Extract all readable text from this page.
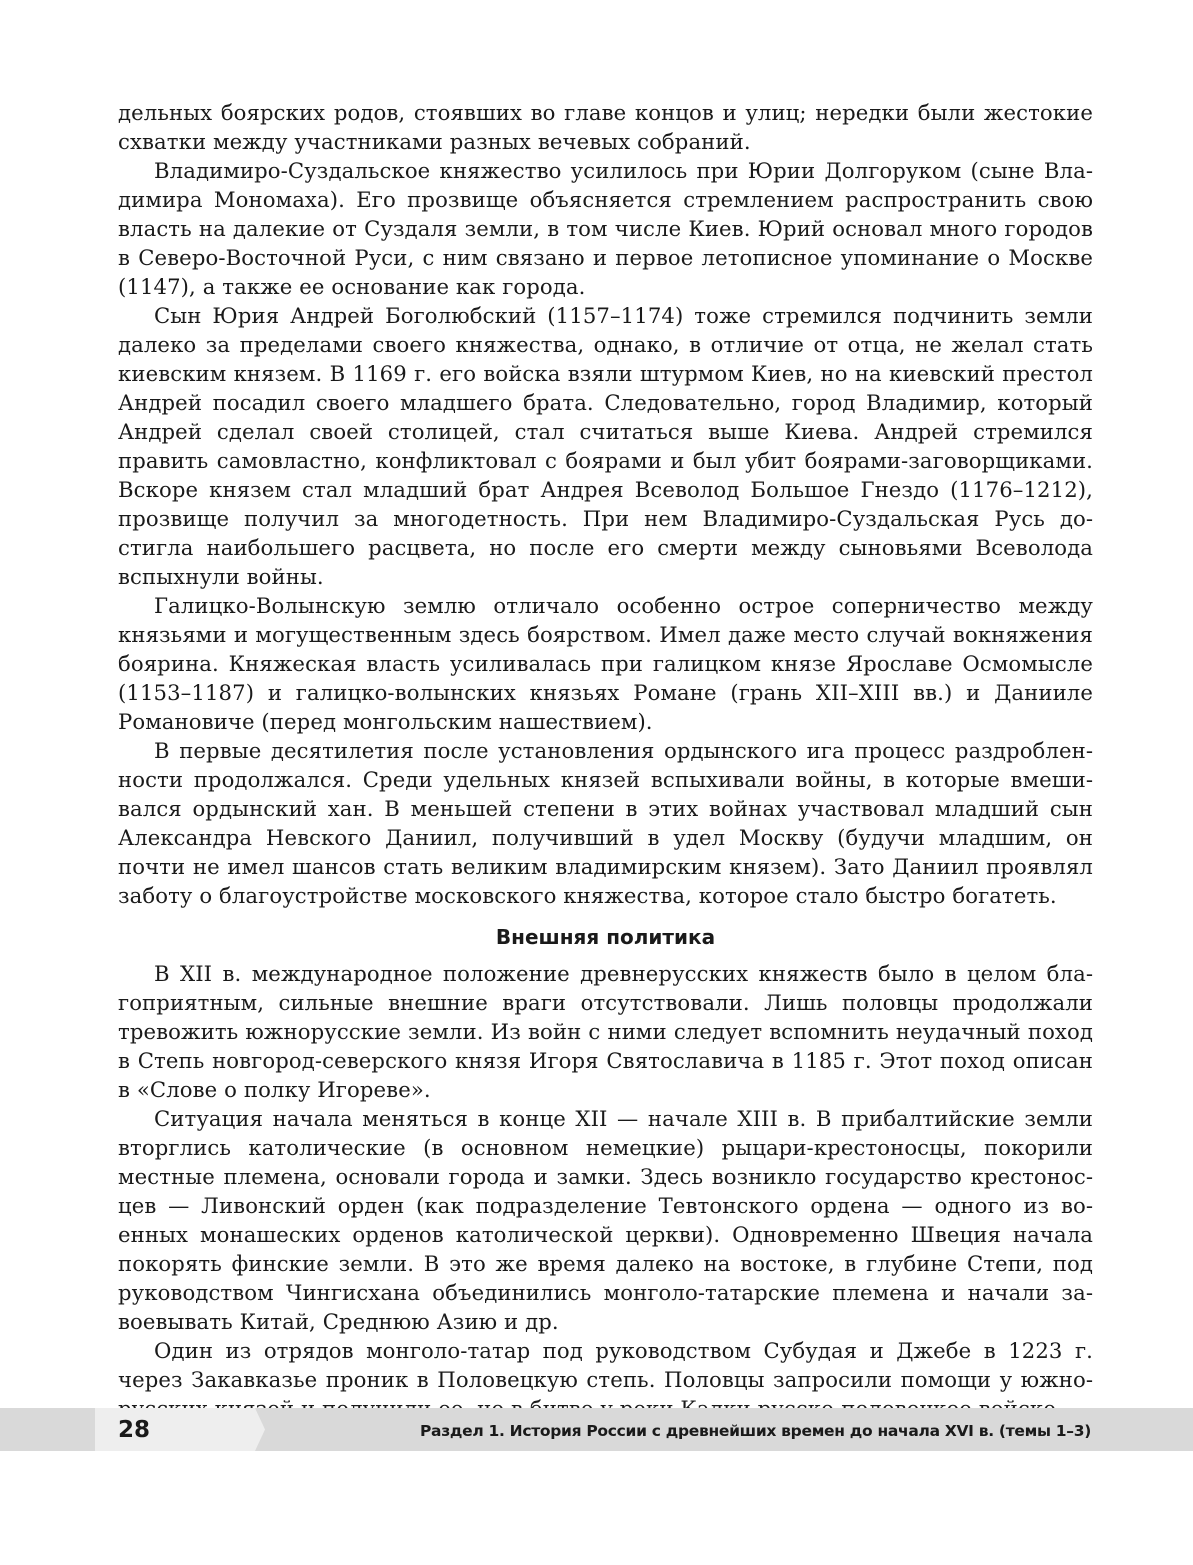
дельных боярских родов, стоявших во главе концов и улиц; нередки были жестокие схватки между участниками разных вечевых собраний.

Владимиро-Суздальское княжество усилилось при Юрии Долгоруком (сыне Владимира Мономаха). Его прозвище объясняется стремлением распространить свою власть на далекие от Суздаля земли, в том числе Киев. Юрий основал много городов в Северо-Восточной Руси, с ним связано и первое летописное упоминание о Москве (1147), а также ее основание как города.

Сын Юрия Андрей Боголюбский (1157–1174) тоже стремился подчинить земли далеко за пределами своего княжества, однако, в отличие от отца, не желал стать киевским князем. В 1169 г. его войска взяли штурмом Киев, но на киевский престол Андрей посадил своего младшего брата. Следовательно, город Владимир, который Андрей сделал своей столицей, стал считаться выше Киева. Андрей стремился править самовластно, конфликтовал с боярами и был убит боярами-заговорщиками. Вскоре князем стал младший брат Андрея Всеволод Большое Гнездо (1176–1212), прозвище получил за многодетность. При нем Владимиро-Суздальская Русь достигла наибольшего расцвета, но после его смерти между сыновьями Всеволода вспыхнули войны.

Галицко-Волынскую землю отличало особенно острое соперничество между князьями и могущественным здесь боярством. Имел даже место случай вокняжения боярина. Княжеская власть усиливалась при галицком князе Ярославе Осмомысле (1153–1187) и галицко-волынских князьях Романе (грань XII–XIII вв.) и Данииле Романовиче (перед монгольским нашествием).

В первые десятилетия после установления ордынского ига процесс раздробленности продолжался. Среди удельных князей вспыхивали войны, в которые вмешивался ордынский хан. В меньшей степени в этих войнах участвовал младший сын Александра Невского Даниил, получивший в удел Москву (будучи младшим, он почти не имел шансов стать великим владимирским князем). Зато Даниил проявлял заботу о благоустройстве московского княжества, которое стало быстро богатеть.

Внешняя политика

В XII в. международное положение древнерусских княжеств было в целом благоприятным, сильные внешние враги отсутствовали. Лишь половцы продолжали тревожить южнорусские земли. Из войн с ними следует вспомнить неудачный поход в Степь новгород-северского князя Игоря Святославича в 1185 г. Этот поход описан в «Слове о полку Игореве».

Ситуация начала меняться в конце XII — начале XIII в. В прибалтийские земли вторглись католические (в основном немецкие) рыцари-крестоносцы, покорили местные племена, основали города и замки. Здесь возникло государство крестоносцев — Ливонский орден (как подразделение Тевтонского ордена — одного из военных монашеских орденов католической церкви). Одновременно Швеция начала покорять финские земли. В это же время далеко на востоке, в глубине Степи, под руководством Чингисхана объединились монголо-татарские племена и начали завоевывать Китай, Среднюю Азию и др.

Один из отрядов монголо-татар под руководством Субудая и Джебе в 1223 г. через Закавказье проник в Половецкую степь. Половцы запросили помощи у южно

28	Раздел 1. История России с древнейших времен до начала XVI в. (темы 1–3)
